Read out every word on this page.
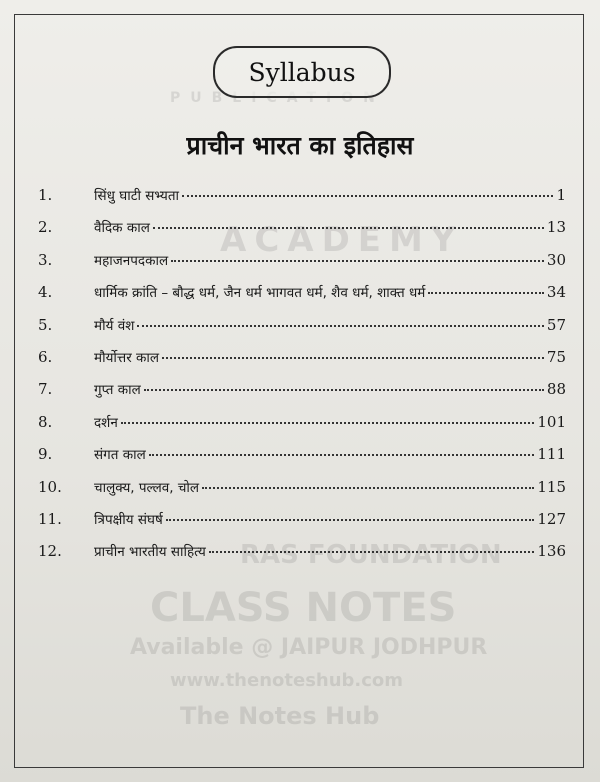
PUBLICATION
ACADEMY
RAS FOUNDATION
CLASS NOTES
Available @ JAIPUR JODHPUR
www.thenoteshub.com
The Notes Hub
Syllabus
प्राचीन भारत का इतिहास
1.	सिंधु घाटी सभ्यता	1
2.	वैदिक काल	13
3.	महाजनपदकाल	30
4.	धार्मिक क्रांति – बौद्ध धर्म, जैन धर्म भागवत धर्म, शैव धर्म, शाक्त धर्म	34
5.	मौर्य वंश	57
6.	मौर्योत्तर काल	75
7.	गुप्त काल	88
8.	दर्शन	101
9.	संगत काल	111
10. चालुक्य, पल्लव, चोल	115
11. त्रिपक्षीय संघर्ष	127
12. प्राचीन भारतीय साहित्य	136
